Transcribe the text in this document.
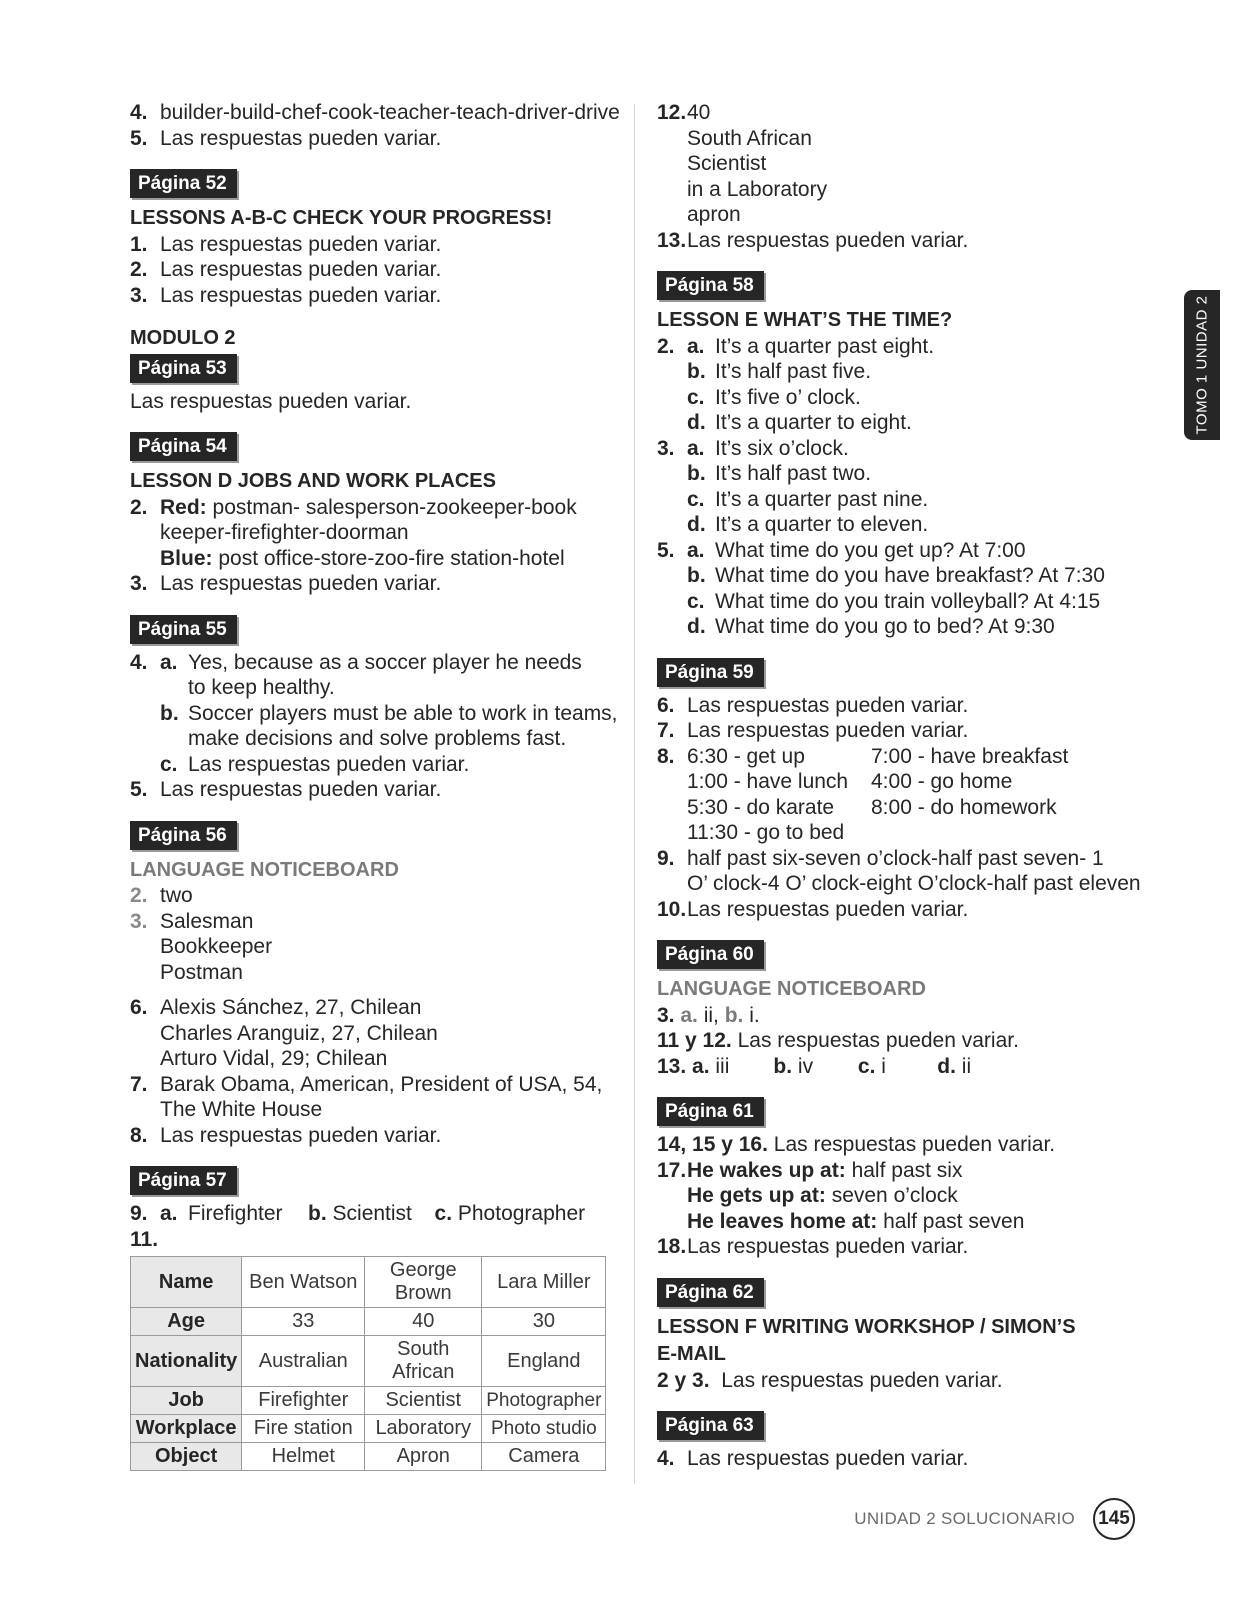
4. builder-build-chef-cook-teacher-teach-driver-drive
5. Las respuestas pueden variar.
Página 52
LESSONS A-B-C CHECK YOUR PROGRESS!
1. Las respuestas pueden variar.
2. Las respuestas pueden variar.
3. Las respuestas pueden variar.
MODULO 2
Página 53
Las respuestas pueden variar.
Página 54
LESSON D JOBS AND WORK PLACES
2. Red: postman- salesperson-zookeeper-book
keeper-firefighter-doorman
Blue: post office-store-zoo-fire station-hotel
3. Las respuestas pueden variar.
Página 55
4. a. Yes, because as a soccer player he needs
to keep healthy.
b. Soccer players must be able to work in teams,
make decisions and solve problems fast.
c. Las respuestas pueden variar.
5. Las respuestas pueden variar.
Página 56
LANGUAGE NOTICEBOARD
2. two
3. Salesman
Bookkeeper
Postman
6. Alexis Sánchez, 27, Chilean
Charles Aranguiz, 27, Chilean
Arturo Vidal, 29; Chilean
7. Barak Obama, American, President of USA, 54,
The White House
8. Las respuestas pueden variar.
Página 57
9. a. Firefighter b. Scientist c. Photographer
11.
Name	Ben Watson	George Brown	Lara Miller
Age	33	40	30
Nationality	Australian	South African	England
Job	Firefighter	Scientist	Photographer
Workplace	Fire station	Laboratory	Photo studio
Object	Helmet	Apron	Camera
12.40
South African
Scientist
in a Laboratory
apron
13.Las respuestas pueden variar.
Página 58
LESSON E WHAT’S THE TIME?
2. a. It’s a quarter past eight.
b. It’s half past five.
c. It’s five o’ clock.
d. It’s a quarter to eight.
3. a. It’s six o’clock.
b. It’s half past two.
c. It’s a quarter past nine.
d. It’s a quarter to eleven.
5. a. What time do you get up? At 7:00
b. What time do you have breakfast? At 7:30
c. What time do you train volleyball? At 4:15
d. What time do you go to bed? At 9:30
Página 59
6. Las respuestas pueden variar.
7. Las respuestas pueden variar.
8. 6:30 - get up	7:00 - have breakfast
1:00 - have lunch	4:00 - go home
5:30 - do karate	8:00 - do homework
11:30 - go to bed
9. half past six-seven o’clock-half past seven- 1
O’ clock-4 O’ clock-eight O’clock-half past eleven
10.Las respuestas pueden variar.
Página 60
LANGUAGE NOTICEBOARD
3. a. ii, b. i.
11 y 12. Las respuestas pueden variar.
13. a. iii b. iv c. i d. ii
Página 61
14, 15 y 16. Las respuestas pueden variar.
17.He wakes up at: half past six
He gets up at: seven o’clock
He leaves home at: half past seven
18.Las respuestas pueden variar.
Página 62
LESSON F WRITING WORKSHOP / SIMON’S
E-MAIL
2 y 3. Las respuestas pueden variar.
Página 63
4. Las respuestas pueden variar.
TOMO 1 UNIDAD 2
UNIDAD 2 SOLUCIONARIO 145
